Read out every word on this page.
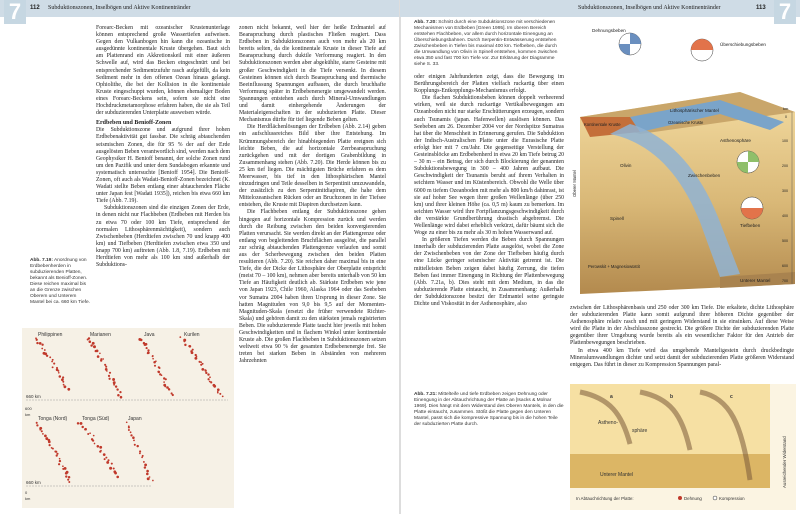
7	112 Subduktionszonen, Inselbögen und Aktive Kontinentränder

Forearc-Becken mit ozeanischer Krustenunterlage können entsprechend große Wassertiefen aufweisen. Gegen den Vulkanbogen hin kann die ozeanische in ausgedünnte kontinentale Kruste übergehen. Baut sich am Plattenrand ein Akkretionskeil mit einer äußeren Schwelle auf, wird das Becken eingeschnürt und bei entsprechender Sedimentzufuhr rasch aufgefüllt, da kein Sediment mehr in den offenen Ozean hinaus gelangt. Ophiolithe, die bei der Kollision in die kontinentale Kruste eingeschuppt wurden, können ehemaliger Boden eines Forearc-Beckens sein, sofern sie nicht eine Hochdruckmetamorphose erfahren haben, die sie als Teil der subduzierenden Unterplatte ausweisen würde.

Erdbeben und Benioff-Zonen

Die Subduktionszone und aufgrund ihrer hohen Erdbebenaktivität gut fassbar. Die schräg abtauchenden seismischen Zonen, die für 95 % der auf der Erde ausgelösten Beben verantwortlich sind, werden nach dem Geophysiker H. Benioff benannt, der solche Zonen rund um den Pazifik und unter dem Sundabogen erkannte und systematisch untersuchte [Benioff 1954]. Die Benioff-Zonen, oft auch als Wadati-Benioff-Zonen bezeichnet (K. Wadati stellte Beben entlang einer abtauchenden Fläche unter Japan fest [Wadati 1935]), reichen bis etwa 660 km Tiefe (Abb. 7.19).

Subduktionszonen sind die einzigen Zonen der Erde, in denen nicht nur Flachbeben (Erdbeben mit Herden bis zu etwa 70 oder 100 km Tiefe, entsprechend der normalen Lithosphärenmächtigkeit), sondern auch Zwischenbeben (Herdtiefen zwischen 70 und knapp 400 km) und Tiefbeben (Herdtiefen zwischen etwa 350 und knapp 700 km) auftreten (Abb. 1.8, 7.19). Erdbeben mit Herdtiefen von mehr als 100 km sind außerhalb der Subduktions-

zonen nicht bekannt, weil hier der heiße Erdmantel auf Beanspruchung durch plastisches Fließen reagiert. Dass Erdbeben in Subduktionszonen auch von mehr als 20 km bereits selten, da die kontinentale Kruste in dieser Tiefe auf Beanspruchung durch duktile Verformung reagiert. In den Subduktionszonen werden aber abgekühlte, starre Gesteine mit großer Geschwindigkeit in die Tiefe versenkt. In diesem Gesteinen können sich durch Beanspruchung und thermische Beeinflussung Spannungen aufbauen, die durch bruchhafte Verformung später in Erdbebenenergie umgewandelt werden. Spannungen entstehen auch durch Mineral-Umwandlungen und damit einhergehende Änderungen der Materialeigenschaften in der subduzierten Platte. Dieser Mechanismus dürfte für tief liegende Beben gelten.

Die Herdflächenlösungen der Erdbeben (Abb. 2.14) geben ein aufschlussreiches Bild über ihre Entstehung. Im Krümmungsbereich der hinabbiegenden Platte ereignen sich leichte Beben, die auf horizontale Zerrbeanspruchung zurückgehen und mit der dortigen Grabenbildung in Zusammenhang stehen (Abb. 7.20). Die Herde können bis zu 25 km tief liegen. Die mächtigsten Brüche erfahren es dem Meerwasser, bis tief in den lithosphärischen Mantel einzudringen und Teile desselben in Serpentinit umzuwandeln, der zusätzlich zu den Serpentinitdiapiren, die hahe dem Mittelozeanischen Rücken oder an Bruchzonen in der Tiefsee entstehen, die Kruste mit Diapiren durchsetzen kann.

Die Flachbeben entlang der Subduktionszone gehen hingegen auf horizontale Kompression zurück und werden durch die Reibung zwischen den beiden konvergierenden Platten verursacht. Sie werden direkt an der Plattengrenze oder entlang von begleitenden Bruchflächen ausgelöst, die parallel zur schräg abtauchenden Plattengrenze verlaufen und somit aus der Scherbewegung zwischen den beiden Platten resultieren (Abb. 7.20). Sie reichen daher maximal bis in eine Tiefe, die der Dicke der Lithosphäre der Oberplatte entspricht (meist 70 – 100 km), nehmen aber bereits unterhalb von 50 km Tiefe an Häufigkeit deutlich ab. Stärkste Erdbeben wie jene von Japan 1923, Chile 1960, Alaska 1964 oder das Seebeben vor Sumatra 2004 haben ihren Ursprung in dieser Zone. Sie hatten Magnituden von 9,0 bis 9,5 auf der Momenten-Magnituden-Skala (ersetzt die früher verwendete Richter-Skala) und gehören damit zu den stärksten jemals registrierten Beben. Die subduzierende Platte taucht hier jeweils mit hohen Geschwindigkeiten und in flachem Winkel unter kontinentale Kruste ab. Die großen Flachbeben in Subduktionszonen setzen weltweit etwa 90 % der gesamten Erdbebenenergie frei. Sie treten bei starken Beben in Abständen von mehreren Jahrzehnten

Abb. 7.19: Anordnung von Erdbebenherden in subduzierenden Platten, bekannt als Benioff-Zonen. Diese reichen maximal bis an die Grenze zwischen Oberem und Unterem Mantel bei ca. 660 km Tiefe.
Philippinen	Marianen	Java	Kurilen
Tonga (Nord)	Tonga (Süd)	Japan
660 km
660 km
0
km
600
km
7
113
Subduktionszonen, Inselbögen und Aktive Kontinentränder
Abb. 7.20: Schnitt durch eine Subduktionszone mit verschiedenen Mechanismen von Erdbeben [Green 1995]. Im oberen Bereich entstehen Flachbeben, vor allem durch horizontale Einengung an Überschiebungsbahnen. Durch Serpentin-Entwässerung entstehen Zwischenbeben in Tiefen bis maximal 400 km. Tiefbeben, die durch die Umwandlung von Olivin in Spinell entstehen, kommen zwischen etwa 350 und fast 700 km Tiefe vor. Zur Erklärung der Diagramme siehe S. 33.

oder einigen Jahrhunderten zeigt, dass die Bewegung im Berührungsbereich der Platten vielfach ruckartig über einen Kopplungs-Entkopplungs-Mechanismus erfolgt.

Die flachen Subduktionsbeben können doppelt verheerend wirken, weil sie durch ruckartige Vertikalbewegungen am Ozeanboden nicht nur starke Erschütterungen erzeugen, sondern auch Tsunamis (japan. Hafenwellen) auslösen können. Das Seebeben am 26. Dezember 2004 vor der Nordspitze Sumatras hat über die Menschheit in Erinnerung gerufen. Die Subduktion der Indisch-Australischen Platte unter die Eurasische Platte erfolgt hier mit 7 cm/Jahr. Die gegenseitige Verstellung der Gesteinsblöcke am Erdbebenherd in etwa 20 km Tiefe betrug 20 – 30 m – ein Betrag, der sich durch Blockierung der genannten Subduktionsbewegung in 300 – 400 Jahren aufbaut. Die Geschwindigkeit der Tsunamis beruht auf ihrem Verhalten in seichtem Wasser und im Küstenbereich. Obwohl die Welle über 6000 m tiefem Ozeanboden mit mehr als 800 km/h dahinrast, ist sie auf hoher See wegen ihrer großen Wellenlänge (über 250 km) und ihrer kleinen Höhe (ca. 0,5 m) kaum zu bemerken. Im seichten Wasser wird ihre Fortpflanzungsgeschwindigkeit durch die verstärkte Grundberührung drastisch abgebremst. Die Wellenlänge wird dabei erheblich verkürzt, dafür bäumt sich die Woge zu einer bis zu mehr als 30 m hohen Wasserwand auf.

In größeren Tiefen werden die Beben durch Spannungen innerhalb der subduzierenden Platte ausgelöst, wobei die Zone der Zwischenbeben von der Zone der Tiefbeben häufig durch eine Lücke geringer seismischer Aktivität getrennt ist. Die mittelleisten Beben zeigen dabei häufig Zerrung, die tiefen Beben fast immer Einengung in Richtung der Plattenbewegung (Abb. 7.21a, b). Dies steht mit dem Medium, in das die subduzierende Platte eintaucht, in Zusammenhang: Außerhalb der Subduktionszone besitzt der Erdmantel seine geringste Dichte und Viskosität in der Asthenosphäre, also

zwischen der Lithosphärenbasis und 250 oder 300 km Tiefe. Die erkaltete, dichte Lithosphäre der subduzierenden Platte kann somit aufgrund ihrer höheren Dichte gegenüber der Asthenosphäre relativ rasch und mit geringem Widerstand in sie einsinken. Auf diese Weise wird die Platte in der Abschlusszone gestreckt. Die größere Dichte der subduzierenden Platte gegenüber ihrer Umgebung wurde bereits als ein wesentlicher Faktor für den Antrieb der Plattenbewegungen beschrieben.

In etwa 400 km Tiefe wird das umgebende Manteligestein durch druckbedingte Mineralumwandlungen dichter und setzt damit der subduzierenden Platte größeren Widerstand entgegen. Das führt in dieser zu Kompression Spannungen paral-

Dehnungsbeben
Überschiebungsbeben
Lithosphärischer Mantel
Ozeanische Kruste
Kontinentale Kruste
Asthenosphäre
Olivin
Zwischenbeben
Spinell
Tiefbeben
Perowskit + Magnesiowüstit
Unterer Mantel
Oberer Mantel
km
0
100
200
300
400
500
600
700
Abb. 7.21: Mittelteife und tiefe Erdbeben zeigen Dehnung oder Einengung in der Abtauchrichtung der Platte an [Isacks & Molnar 1969]. Dies hängt mit dem Widerstand des Oberen Mantels, in den die Platte eintaucht, zusammen. Stößt die Platte gegen den Unteren Mantel, passt sich die kompressive Spannung bis in die hohen Teile der subduzierten Platte durch.	Astheno-
sphäre
Unterer Mantel	Ausreichender Widerstand
a	b	c
In Abtauchrichtung der Platte:	Dehnung	Kompression
